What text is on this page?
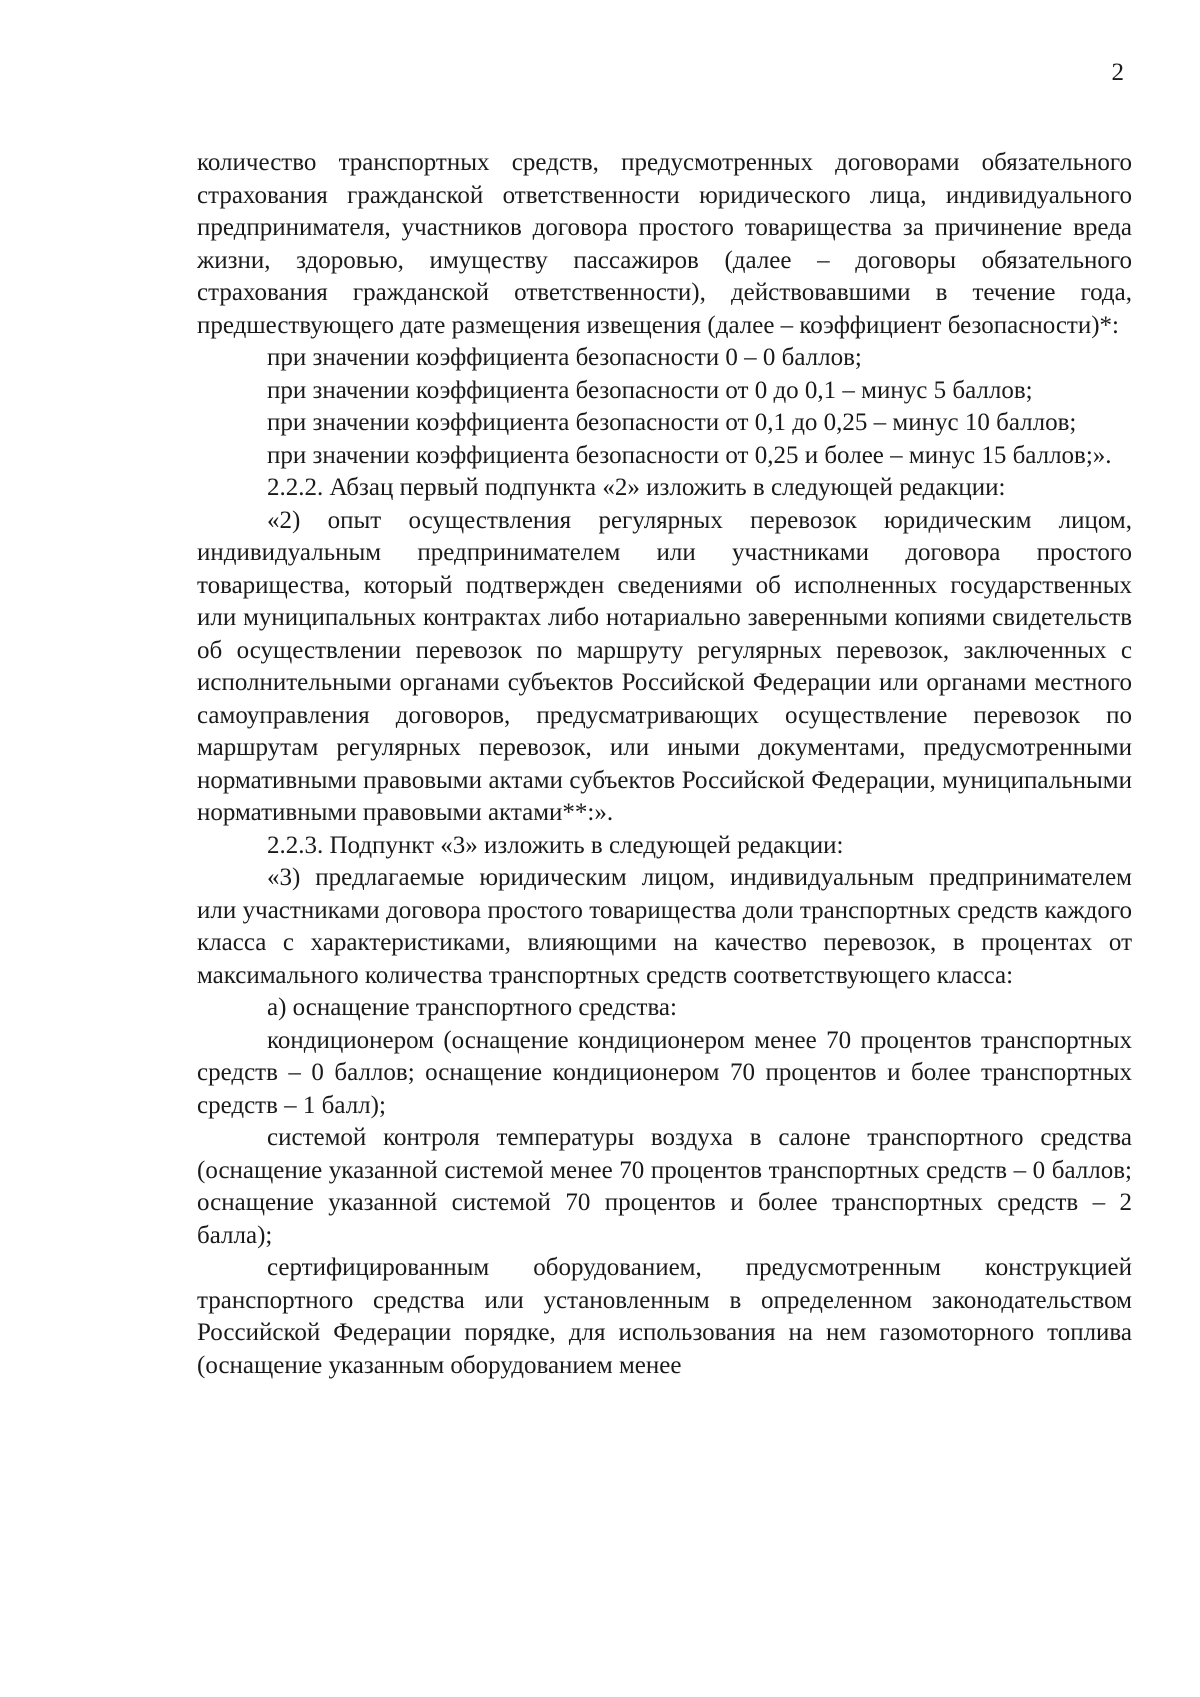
2

количество транспортных средств, предусмотренных договорами обязательного страхования гражданской ответственности юридического лица, индивидуального предпринимателя, участников договора простого товарищества за причинение вреда жизни, здоровью, имуществу пассажиров (далее – договоры обязательного страхования гражданской ответственности), действовавшими в течение года, предшествующего дате размещения извещения (далее – коэффициент безопасности)*:

при значении коэффициента безопасности 0 – 0 баллов;

при значении коэффициента безопасности от 0 до 0,1 – минус 5 баллов;

при значении коэффициента безопасности от 0,1 до 0,25 – минус 10 баллов;

при значении коэффициента безопасности от 0,25 и более – минус 15 баллов;».

2.2.2. Абзац первый подпункта «2» изложить в следующей редакции:

«2) опыт осуществления регулярных перевозок юридическим лицом, индивидуальным предпринимателем или участниками договора простого товарищества, который подтвержден сведениями об исполненных государственных или муниципальных контрактах либо нотариально заверенными копиями свидетельств об осуществлении перевозок по маршруту регулярных перевозок, заключенных с исполнительными органами субъектов Российской Федерации или органами местного самоуправления договоров, предусматривающих осуществление перевозок по маршрутам регулярных перевозок, или иными документами, предусмотренными нормативными правовыми актами субъектов Российской Федерации, муниципальными нормативными правовыми актами**:».

2.2.3. Подпункт «3» изложить в следующей редакции:

«3) предлагаемые юридическим лицом, индивидуальным предпринимателем или участниками договора простого товарищества доли транспортных средств каждого класса с характеристиками, влияющими на качество перевозок, в процентах от максимального количества транспортных средств соответствующего класса:

а) оснащение транспортного средства:

кондиционером (оснащение кондиционером менее 70 процентов транспортных средств – 0 баллов; оснащение кондиционером 70 процентов и более транспортных средств – 1 балл);

системой контроля температуры воздуха в салоне транспортного средства (оснащение указанной системой менее 70 процентов транспортных средств – 0 баллов; оснащение указанной системой 70 процентов и более транспортных средств – 2 балла);

сертифицированным оборудованием, предусмотренным конструкцией транспортного средства или установленным в определенном законодательством Российской Федерации порядке, для использования на нем газомоторного топлива (оснащение указанным оборудованием менее
